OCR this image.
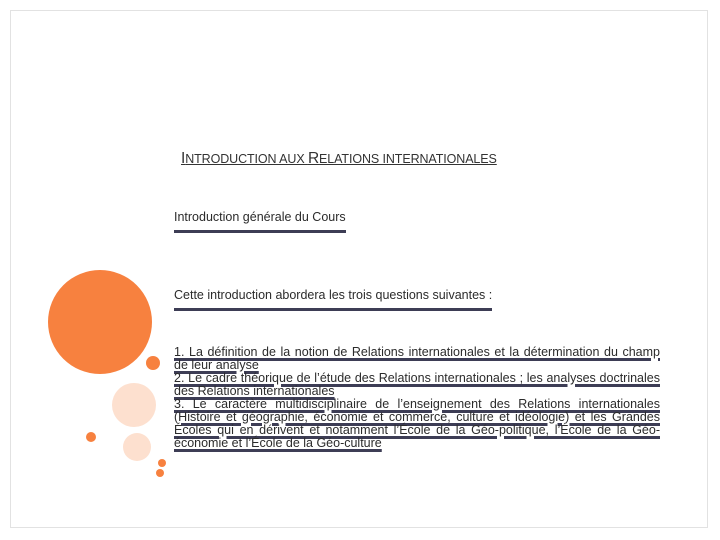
INTRODUCTION AUX RELATIONS INTERNATIONALES
Introduction générale du Cours
Cette introduction abordera les trois questions suivantes :
1. La définition de la notion de Relations internationales et la détermination du champ de leur analyse
2. Le cadre théorique de l’étude des Relations internationales ; les analyses doctrinales des Relations internationales
3. Le caractère multidisciplinaire de l’enseignement des Relations internationales (Histoire et géographie, économie et commerce, culture et idéologie) et les Grandes Écoles qui en dérivent et notamment l’École de la Géo-politique, l’École de la Géo-économie et l’École de la Géo-culture
